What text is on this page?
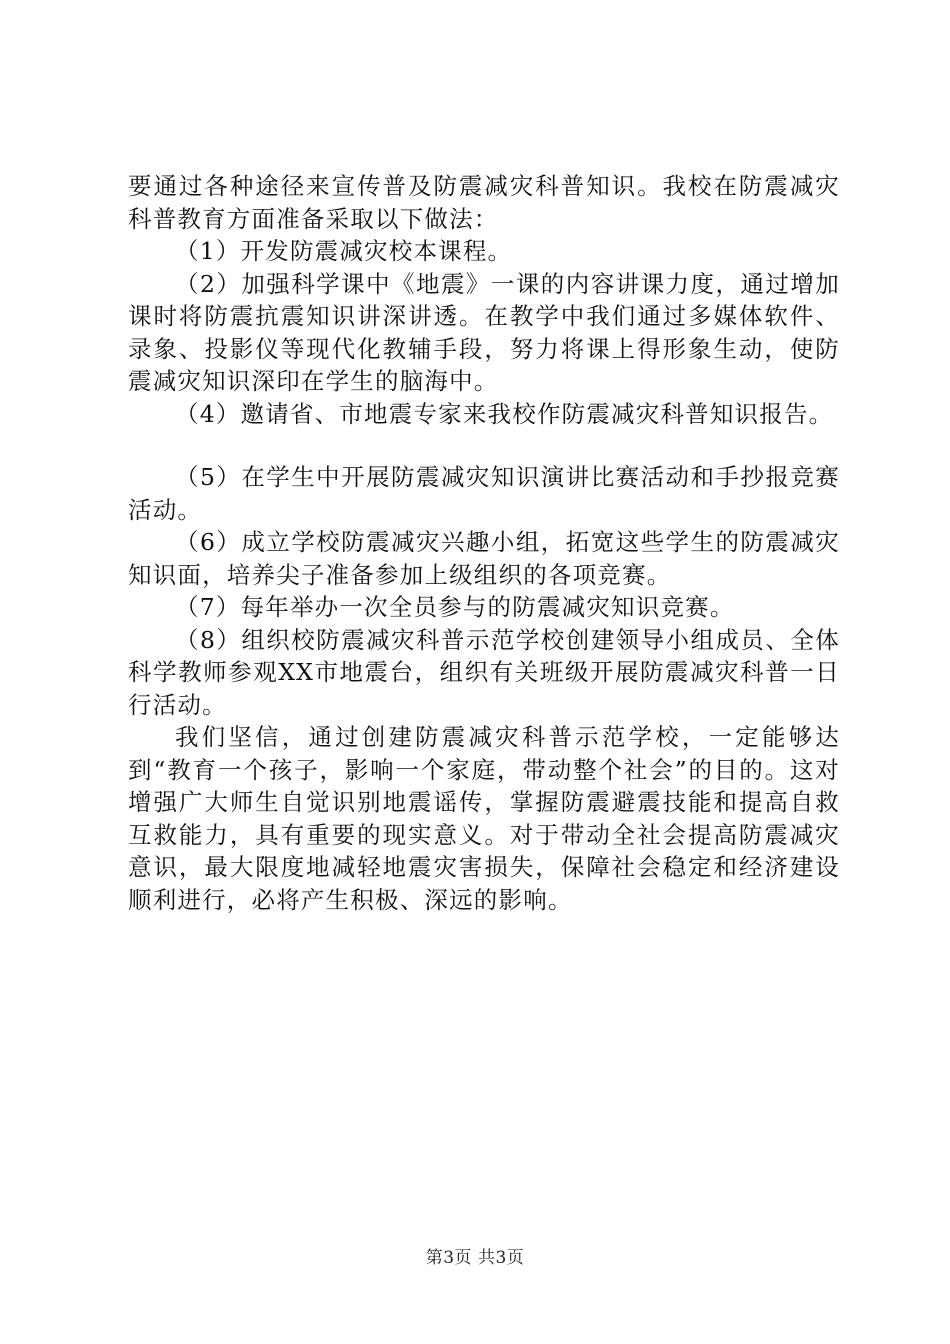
要通过各种途径来宣传普及防震减灾科普知识。我校在防震减灾科普教育方面准备采取以下做法：

（1）开发防震减灾校本课程。

（2）加强科学课中《地震》一课的内容讲课力度，通过增加课时将防震抗震知识讲深讲透。在教学中我们通过多媒体软件、录象、投影仪等现代化教辅手段，努力将课上得形象生动，使防震减灾知识深印在学生的脑海中。

（4）邀请省、市地震专家来我校作防震减灾科普知识报告。

（5）在学生中开展防震减灾知识演讲比赛活动和手抄报竞赛活动。

（6）成立学校防震减灾兴趣小组，拓宽这些学生的防震减灾知识面，培养尖子准备参加上级组织的各项竞赛。

（7）每年举办一次全员参与的防震减灾知识竞赛。

（8）组织校防震减灾科普示范学校创建领导小组成员、全体科学教师参观XX市地震台，组织有关班级开展防震减灾科普一日行活动。

我们坚信，通过创建防震减灾科普示范学校，一定能够达到“教育一个孩子，影响一个家庭，带动整个社会”的目的。这对增强广大师生自觉识别地震谣传，掌握防震避震技能和提高自救互救能力，具有重要的现实意义。对于带动全社会提高防震减灾意识，最大限度地减轻地震灾害损失，保障社会稳定和经济建设顺利进行，必将产生积极、深远的影响。

第3页 共3页
